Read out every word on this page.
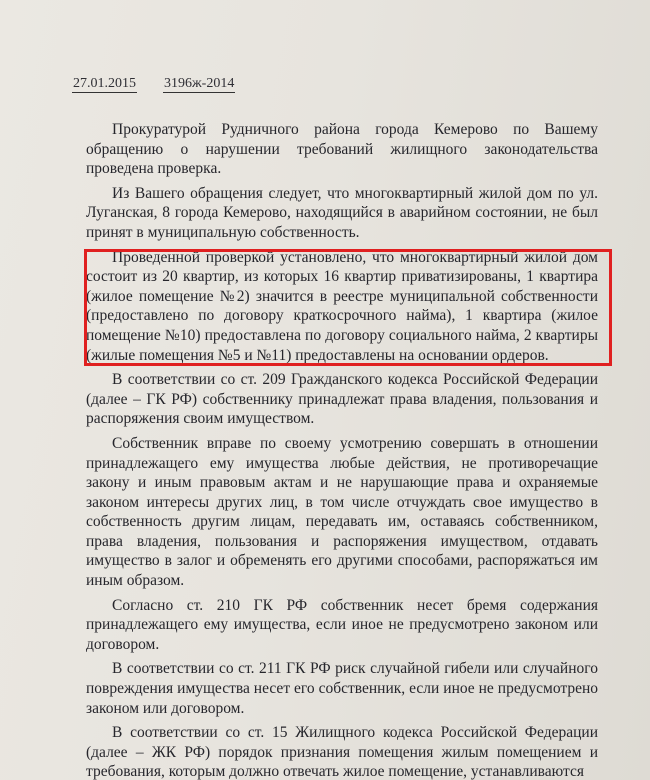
27.01.2015 3196ж-2014

Прокуратурой Рудничного района города Кемерово по Вашему обращению о нарушении требований жилищного законодательства проведена проверка.

Из Вашего обращения следует, что многоквартирный жилой дом по ул. Луганская, 8 города Кемерово, находящийся в аварийном состоянии, не был принят в муниципальную собственность.

Проведенной проверкой установлено, что многоквартирный жилой дом состоит из 20 квартир, из которых 16 квартир приватизированы, 1 квартира (жилое помещение №2) значится в реестре муниципальной собственности (предоставлено по договору краткосрочного найма), 1 квартира (жилое помещение №10) предоставлена по договору социального найма, 2 квартиры (жилые помещения №5 и №11) предоставлены на основании ордеров.

В соответствии со ст. 209 Гражданского кодекса Российской Федерации (далее – ГК РФ) собственнику принадлежат права владения, пользования и распоряжения своим имуществом.

Собственник вправе по своему усмотрению совершать в отношении принадлежащего ему имущества любые действия, не противоречащие закону и иным правовым актам и не нарушающие права и охраняемые законом интересы других лиц, в том числе отчуждать свое имущество в собственность другим лицам, передавать им, оставаясь собственником, права владения, пользования и распоряжения имуществом, отдавать имущество в залог и обременять его другими способами, распоряжаться им иным образом.

Согласно ст. 210 ГК РФ собственник несет бремя содержания принадлежащего ему имущества, если иное не предусмотрено законом или договором.

В соответствии со ст. 211 ГК РФ риск случайной гибели или случайного повреждения имущества несет его собственник, если иное не предусмотрено законом или договором.

В соответствии со ст. 15 Жилищного кодекса Российской Федерации (далее – ЖК РФ) порядок признания помещения жилым помещением и требования, которым должно отвечать жилое помещение, устанавливаются
